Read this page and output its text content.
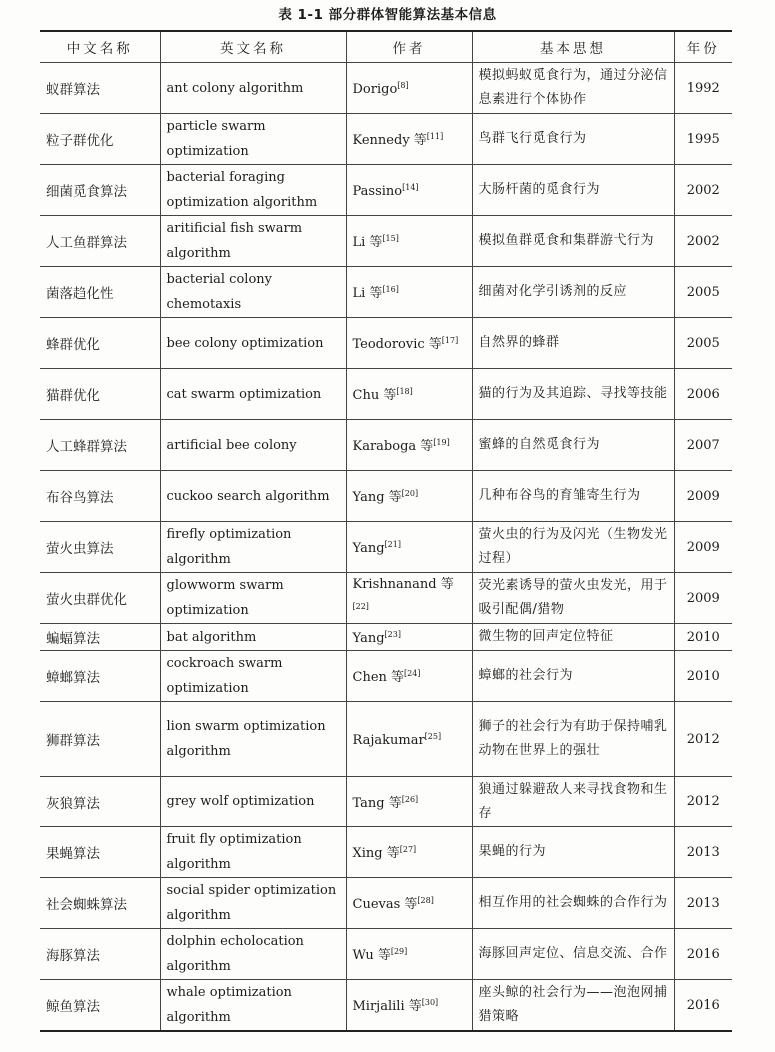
表 1-1 部分群体智能算法基本信息
中文名称	英文名称	作者	基本思想	年份
蚁群算法	ant colony algorithm	Dorigo[8]	模拟蚂蚁觅食行为，通过分泌信息素进行个体协作	1992
粒子群优化	particle swarm optimization	Kennedy 等[11]	鸟群飞行觅食行为	1995
细菌觅食算法	bacterial foraging optimization algorithm	Passino[14]	大肠杆菌的觅食行为	2002
人工鱼群算法	aritificial fish swarm algorithm	Li 等[15]	模拟鱼群觅食和集群游弋行为	2002
菌落趋化性	bacterial colony chemotaxis	Li 等[16]	细菌对化学引诱剂的反应	2005
蜂群优化	bee colony optimization	Teodorovic 等[17]	自然界的蜂群	2005
猫群优化	cat swarm optimization	Chu 等[18]	猫的行为及其追踪、寻找等技能	2006
人工蜂群算法	artificial bee colony	Karaboga 等[19]	蜜蜂的自然觅食行为	2007
布谷鸟算法	cuckoo search algorithm	Yang 等[20]	几种布谷鸟的育雏寄生行为	2009
萤火虫算法	firefly optimization algorithm	Yang[21]	萤火虫的行为及闪光（生物发光过程）	2009
萤火虫群优化	glowworm swarm optimization	Krishnanand 等[22]	荧光素诱导的萤火虫发光，用于吸引配偶/猎物	2009
蝙蝠算法	bat algorithm	Yang[23]	微生物的回声定位特征	2010
蟑螂算法	cockroach swarm optimization	Chen 等[24]	蟑螂的社会行为	2010
狮群算法	lion swarm optimization algorithm	Rajakumar[25]	狮子的社会行为有助于保持哺乳动物在世界上的强壮	2012
灰狼算法	grey wolf optimization	Tang 等[26]	狼通过躲避敌人来寻找食物和生存	2012
果蝇算法	fruit fly optimization algorithm	Xing 等[27]	果蝇的行为	2013
社会蜘蛛算法	social spider optimization algorithm	Cuevas 等[28]	相互作用的社会蜘蛛的合作行为	2013
海豚算法	dolphin echolocation algorithm	Wu 等[29]	海豚回声定位、信息交流、合作	2016
鲸鱼算法	whale optimization algorithm	Mirjalili 等[30]	座头鲸的社会行为——泡泡网捕猎策略	2016
